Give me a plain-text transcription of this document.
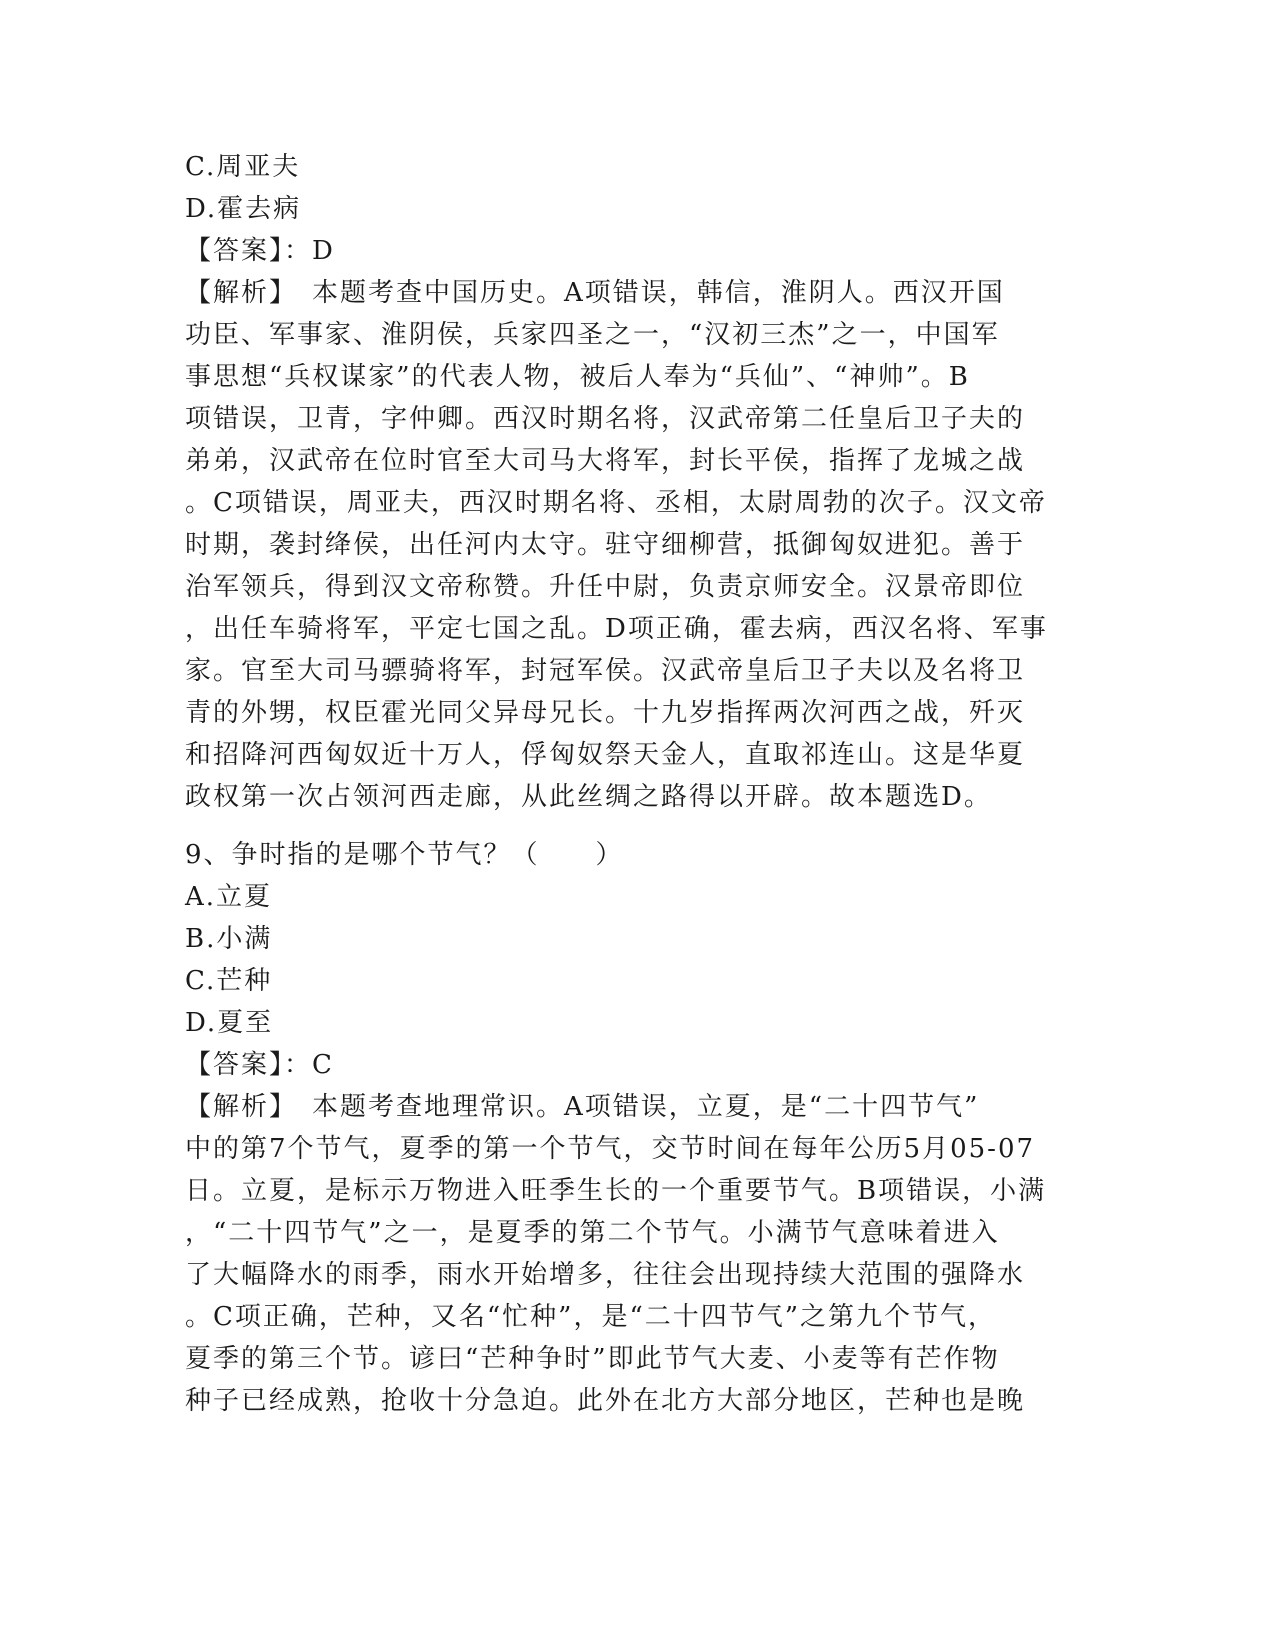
C.周亚夫
D.霍去病
【答案】：D
【解析】　本题考查中国历史。A项错误，韩信，淮阴人。西汉开国
功臣、军事家、淮阴侯，兵家四圣之一，“汉初三杰”之一，中国军
事思想“兵权谋家”的代表人物，被后人奉为“兵仙”、“神帅”。B
项错误，卫青，字仲卿。西汉时期名将，汉武帝第二任皇后卫子夫的
弟弟，汉武帝在位时官至大司马大将军，封长平侯，指挥了龙城之战
。C项错误，周亚夫，西汉时期名将、丞相，太尉周勃的次子。汉文帝
时期，袭封绛侯，出任河内太守。驻守细柳营，抵御匈奴进犯。善于
治军领兵，得到汉文帝称赞。升任中尉，负责京师安全。汉景帝即位
，出任车骑将军，平定七国之乱。D项正确，霍去病，西汉名将、军事
家。官至大司马骠骑将军，封冠军侯。汉武帝皇后卫子夫以及名将卫
青的外甥，权臣霍光同父异母兄长。十九岁指挥两次河西之战，歼灭
和招降河西匈奴近十万人，俘匈奴祭天金人，直取祁连山。这是华夏
政权第一次占领河西走廊，从此丝绸之路得以开辟。故本题选D。
9、争时指的是哪个节气？（　　）
A.立夏
B.小满
C.芒种
D.夏至
【答案】：C
【解析】　本题考查地理常识。A项错误，立夏，是“二十四节气”
中的第7个节气，夏季的第一个节气，交节时间在每年公历5月05-07
日。立夏，是标示万物进入旺季生长的一个重要节气。B项错误，小满
，“二十四节气”之一，是夏季的第二个节气。小满节气意味着进入
了大幅降水的雨季，雨水开始增多，往往会出现持续大范围的强降水
。C项正确，芒种，又名“忙种”，是“二十四节气”之第九个节气，
夏季的第三个节。谚曰“芒种争时”即此节气大麦、小麦等有芒作物
种子已经成熟，抢收十分急迫。此外在北方大部分地区，芒种也是晚
